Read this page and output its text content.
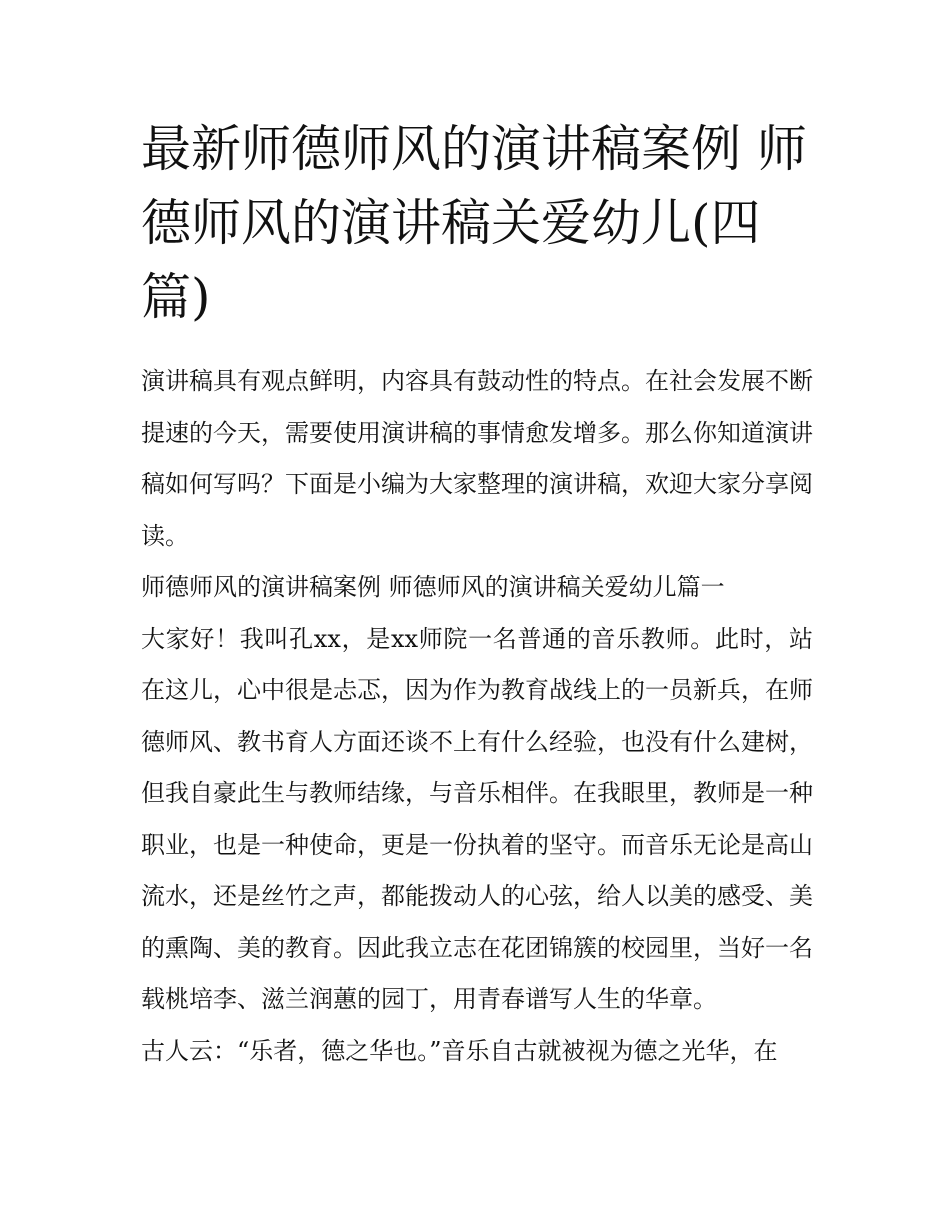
最新师德师风的演讲稿案例 师德师风的演讲稿关爱幼儿(四篇)

演讲稿具有观点鲜明，内容具有鼓动性的特点。在社会发展不断提速的今天，需要使用演讲稿的事情愈发增多。那么你知道演讲稿如何写吗？下面是小编为大家整理的演讲稿，欢迎大家分享阅读。

师德师风的演讲稿案例 师德师风的演讲稿关爱幼儿篇一

大家好！我叫孔xx，是xx师院一名普通的音乐教师。此时，站在这儿，心中很是忐忑，因为作为教育战线上的一员新兵，在师德师风、教书育人方面还谈不上有什么经验，也没有什么建树，但我自豪此生与教师结缘，与音乐相伴。在我眼里，教师是一种职业，也是一种使命，更是一份执着的坚守。而音乐无论是高山流水，还是丝竹之声，都能拨动人的心弦，给人以美的感受、美的熏陶、美的教育。因此我立志在花团锦簇的校园里，当好一名载桃培李、滋兰润蕙的园丁，用青春谱写人生的华章。

古人云：“乐者，德之华也。”音乐自古就被视为德之光华，在
